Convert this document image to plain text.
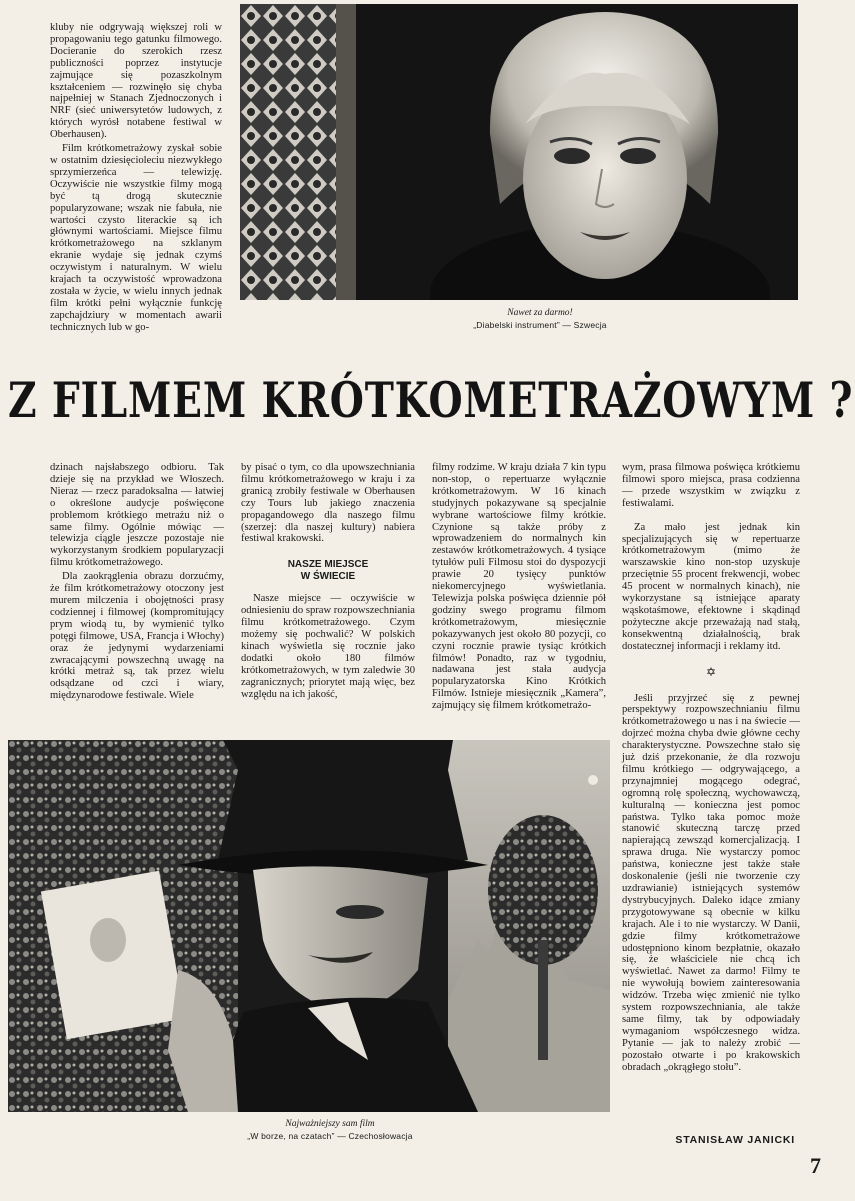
kluby nie odgrywają większej roli w propagowaniu tego gatunku filmowego. Docieranie do szerokich rzesz publiczności poprzez instytucje zajmujące się pozaszkolnym kształceniem — rozwinęło się chyba najpełniej w Stanach Zjednoczonych i NRF (sieć uniwersytetów ludowych, z których wyrósł notabene festiwal w Oberhausen).

Film krótkometrażowy zyskał sobie w ostatnim dziesięcioleciu niezwykłego sprzymierzeńca — telewizję. Oczywiście nie wszystkie filmy mogą być tą drogą skutecznie popularyzowane; wszak nie fabuła, nie wartości czysto literackie są ich głównymi wartościami. Miejsce filmu krótkometrażowego na szklanym ekranie wydaje się jednak czymś oczywistym i naturalnym. W wielu krajach ta oczywistość wprowadzona została w życie, w wielu innych jednak film krótki pełni wyłącznie funkcję zapchajdziury w momentach awarii technicznych lub w go-

Nawet za darmo!
„Diabelski instrument” — Szwecja
Z FILMEM KRÓTKOMETRAŻOWYM ?

dzinach najsłabszego odbioru. Tak dzieje się na przykład we Włoszech. Nieraz — rzecz paradoksalna — łatwiej o określone audycje poświęcone problemom krótkiego metrażu niż o same filmy. Ogólnie mówiąc — telewizja ciągle jeszcze pozostaje nie wykorzystanym środkiem popularyzacji filmu krótkometrażowego.

Dla zaokrąglenia obrazu dorzućmy, że film krótkometrażowy otoczony jest murem milczenia i obojętności prasy codziennej i filmowej (kompromitujący prym wiodą tu, by wymienić tylko potęgi filmowe, USA, Francja i Włochy) oraz że jedynymi wydarzeniami zwracającymi powszechną uwagę na krótki metraż są, tak przez wielu odsądzane od czci i wiary, międzynarodowe festiwale. Wiele

by pisać o tym, co dla upowszechniania filmu krótkometrażowego w kraju i za granicą zrobiły festiwale w Oberhausen czy Tours lub jakiego znaczenia propagandowego dla naszego filmu (szerzej: dla naszej kultury) nabiera festiwal krakowski.

NASZE MIEJSCE
W ŚWIECIE

Nasze miejsce — oczywiście w odniesieniu do spraw rozpowszechniania filmu krótkometrażowego. Czym możemy się pochwalić? W polskich kinach wyświetla się rocznie jako dodatki około 180 filmów krótkometrażowych, w tym zaledwie 30 zagranicznych; priorytet mają więc, bez względu na ich jakość,

filmy rodzime. W kraju działa 7 kin typu non-stop, o repertuarze wyłącznie krótkometrażowym. W 16 kinach studyjnych pokazywane są specjalnie wybrane wartościowe filmy krótkie. Czynione są także próby z wprowadzeniem do normalnych kin zestawów krótkometrażowych. 4 tysiące tytułów puli Filmosu stoi do dyspozycji prawie 20 tysięcy punktów niekomercyjnego wyświetlania. Telewizja polska poświęca dziennie pół godziny swego programu filmom krótkometrażowym, miesięcznie pokazywanych jest około 80 pozycji, co czyni rocznie prawie tysiąc krótkich filmów! Ponadto, raz w tygodniu, nadawana jest stała audycja popularyzatorska Kino Krótkich Filmów. Istnieje miesięcznik „Kamera”, zajmujący się filmem krótkometrażo-

wym, prasa filmowa poświęca krótkiemu filmowi sporo miejsca, prasa codzienna — przede wszystkim w związku z festiwalami.

Za mało jest jednak kin specjalizujących się w repertuarze krótkometrażowym (mimo że warszawskie kino non-stop uzyskuje przeciętnie 55 procent frekwencji, wobec 45 procent w normalnych kinach), nie wykorzystane są istniejące aparaty wąskotaśmowe, efektowne i skądinąd pożyteczne akcje przeważają nad stałą, konsekwentną działalnością, brak dostatecznej informacji i reklamy itd.

✡

Jeśli przyjrzeć się z pewnej perspektywy rozpowszechnianiu filmu krótkometrażowego u nas i na świecie — dojrzeć można chyba dwie główne cechy charakterystyczne. Powszechne stało się już dziś przekonanie, że dla rozwoju filmu krótkiego — odgrywającego, a przynajmniej mogącego odegrać, ogromną rolę społeczną, wychowawczą, kulturalną — konieczna jest pomoc państwa. Tylko taka pomoc może stanowić skuteczną tarczę przed napierającą zewsząd komercjalizacją. I sprawa druga. Nie wystarczy pomoc państwa, konieczne jest także stałe doskonalenie (jeśli nie tworzenie czy uzdrawianie) istniejących systemów dystrybucyjnych. Daleko idące zmiany przygotowywane są obecnie w kilku krajach. Ale i to nie wystarczy. W Danii, gdzie filmy krótkometrażowe udostępniono kinom bezpłatnie, okazało się, że właściciele nie chcą ich wyświetlać. Nawet za darmo! Filmy te nie wywołują bowiem zainteresowania widzów. Trzeba więc zmienić nie tylko system rozpowszechniania, ale także same filmy, tak by odpowiadały wymaganiom współczesnego widza. Pytanie — jak to należy zrobić — pozostało otwarte i po krakowskich obradach „okrągłego stołu”.

Najważniejszy sam film
„W borze, na czatach” — Czechosłowacja	STANISŁAW JANICKI
7
